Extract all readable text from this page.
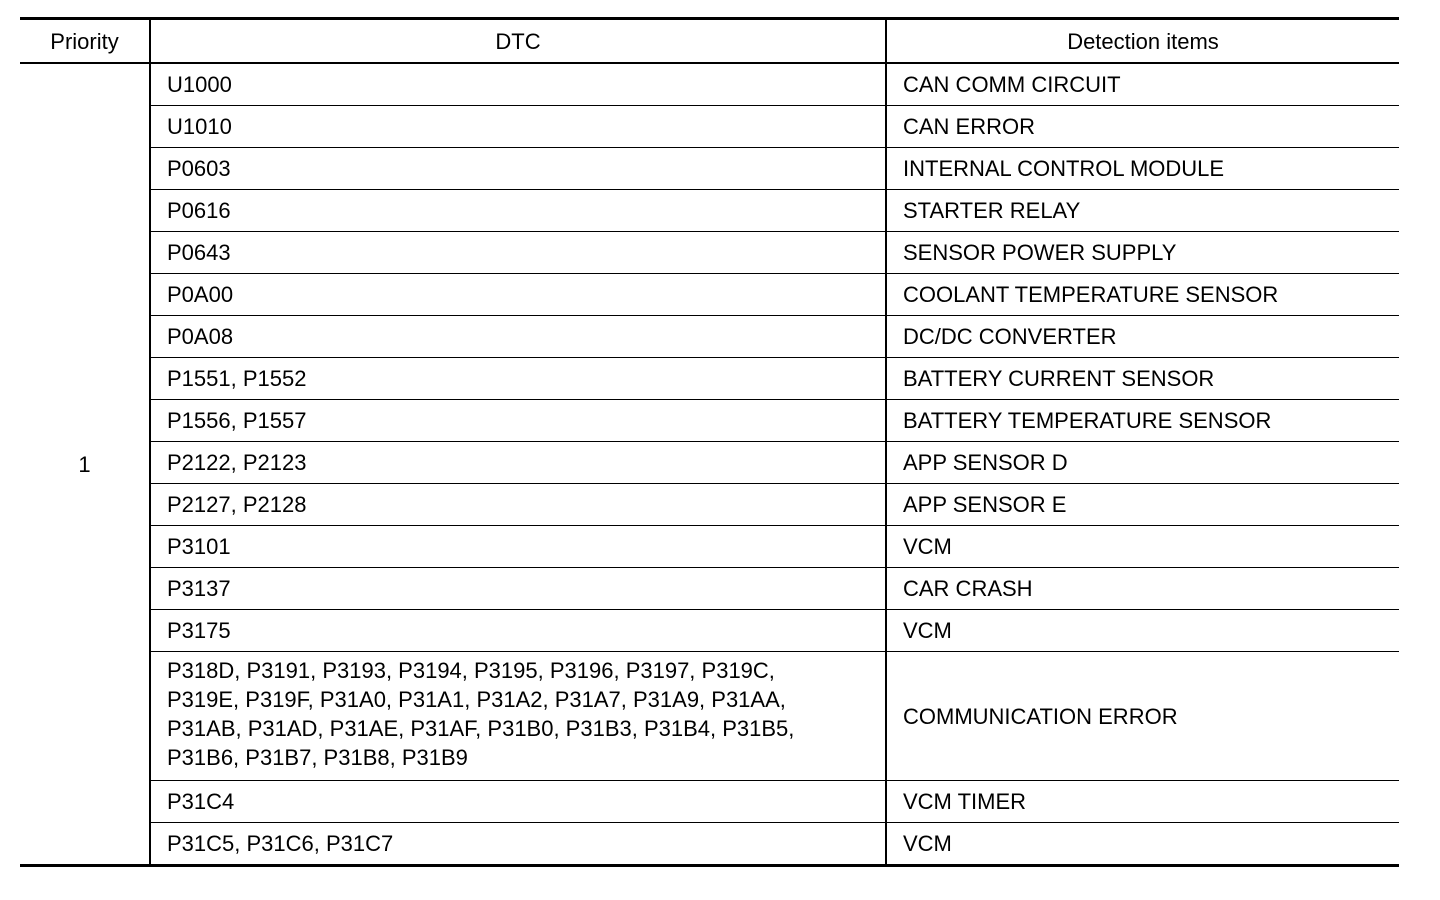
Priority	DTC	Detection items
1	U1000	CAN COMM CIRCUIT
	U1010	CAN ERROR
	P0603	INTERNAL CONTROL MODULE
	P0616	STARTER RELAY
	P0643	SENSOR POWER SUPPLY
	P0A00	COOLANT TEMPERATURE SENSOR
	P0A08	DC/DC CONVERTER
	P1551, P1552	BATTERY CURRENT SENSOR
	P1556, P1557	BATTERY TEMPERATURE SENSOR
	P2122, P2123	APP SENSOR D
	P2127, P2128	APP SENSOR E
	P3101	VCM
	P3137	CAR CRASH
	P3175	VCM

	P318D, P3191, P3193, P3194, P3195, P3196, P3197, P319C,
P319E, P319F, P31A0, P31A1, P31A2, P31A7, P31A9, P31AA,
P31AB, P31AD, P31AE, P31AF, P31B0, P31B3, P31B4, P31B5,
P31B6, P31B7, P31B8, P31B9	COMMUNICATION ERROR
	P31C4	VCM TIMER
	P31C5, P31C6, P31C7	VCM
